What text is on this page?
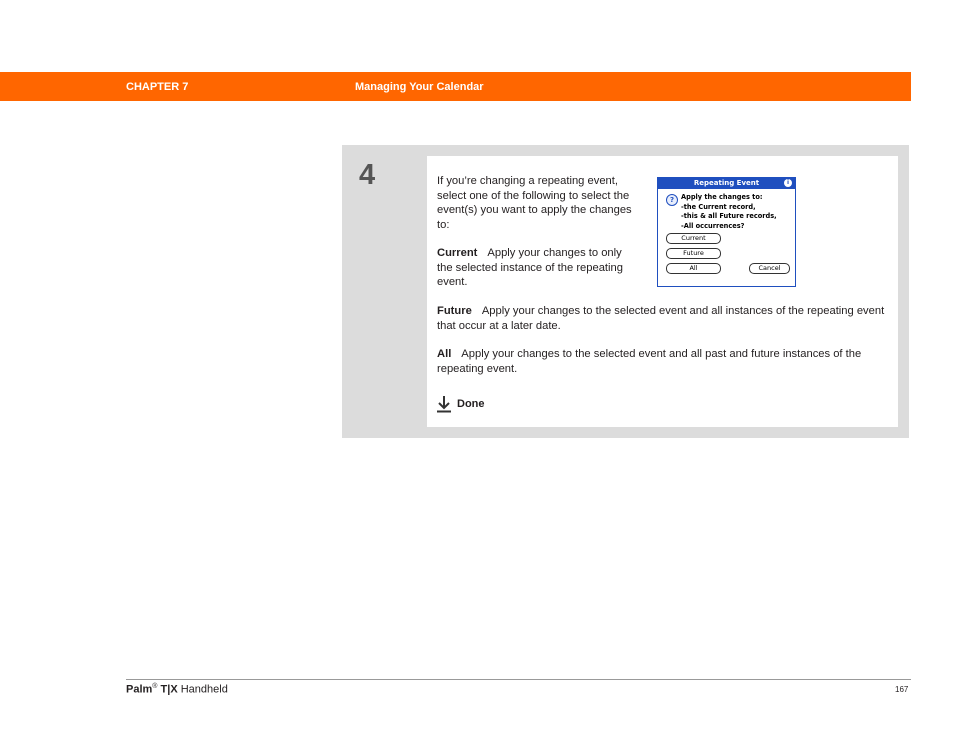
CHAPTER 7	Managing Your Calendar
4	If you’re changing a repeating event, select one of the following to select the event(s) you want to apply the changes to:

Current Apply your changes to only the selected instance of the repeating event.

Future Apply your changes to the selected event and all instances of the repeating event that occur at a later date.

All Apply your changes to the selected event and all past and future instances of the repeating event.

Done
Repeating Event	i
?	Apply the changes to:
-the Current record,
-this & all Future records,
-All occurrences?
Current
Future
All	Cancel
Palm® T|X Handheld	167
